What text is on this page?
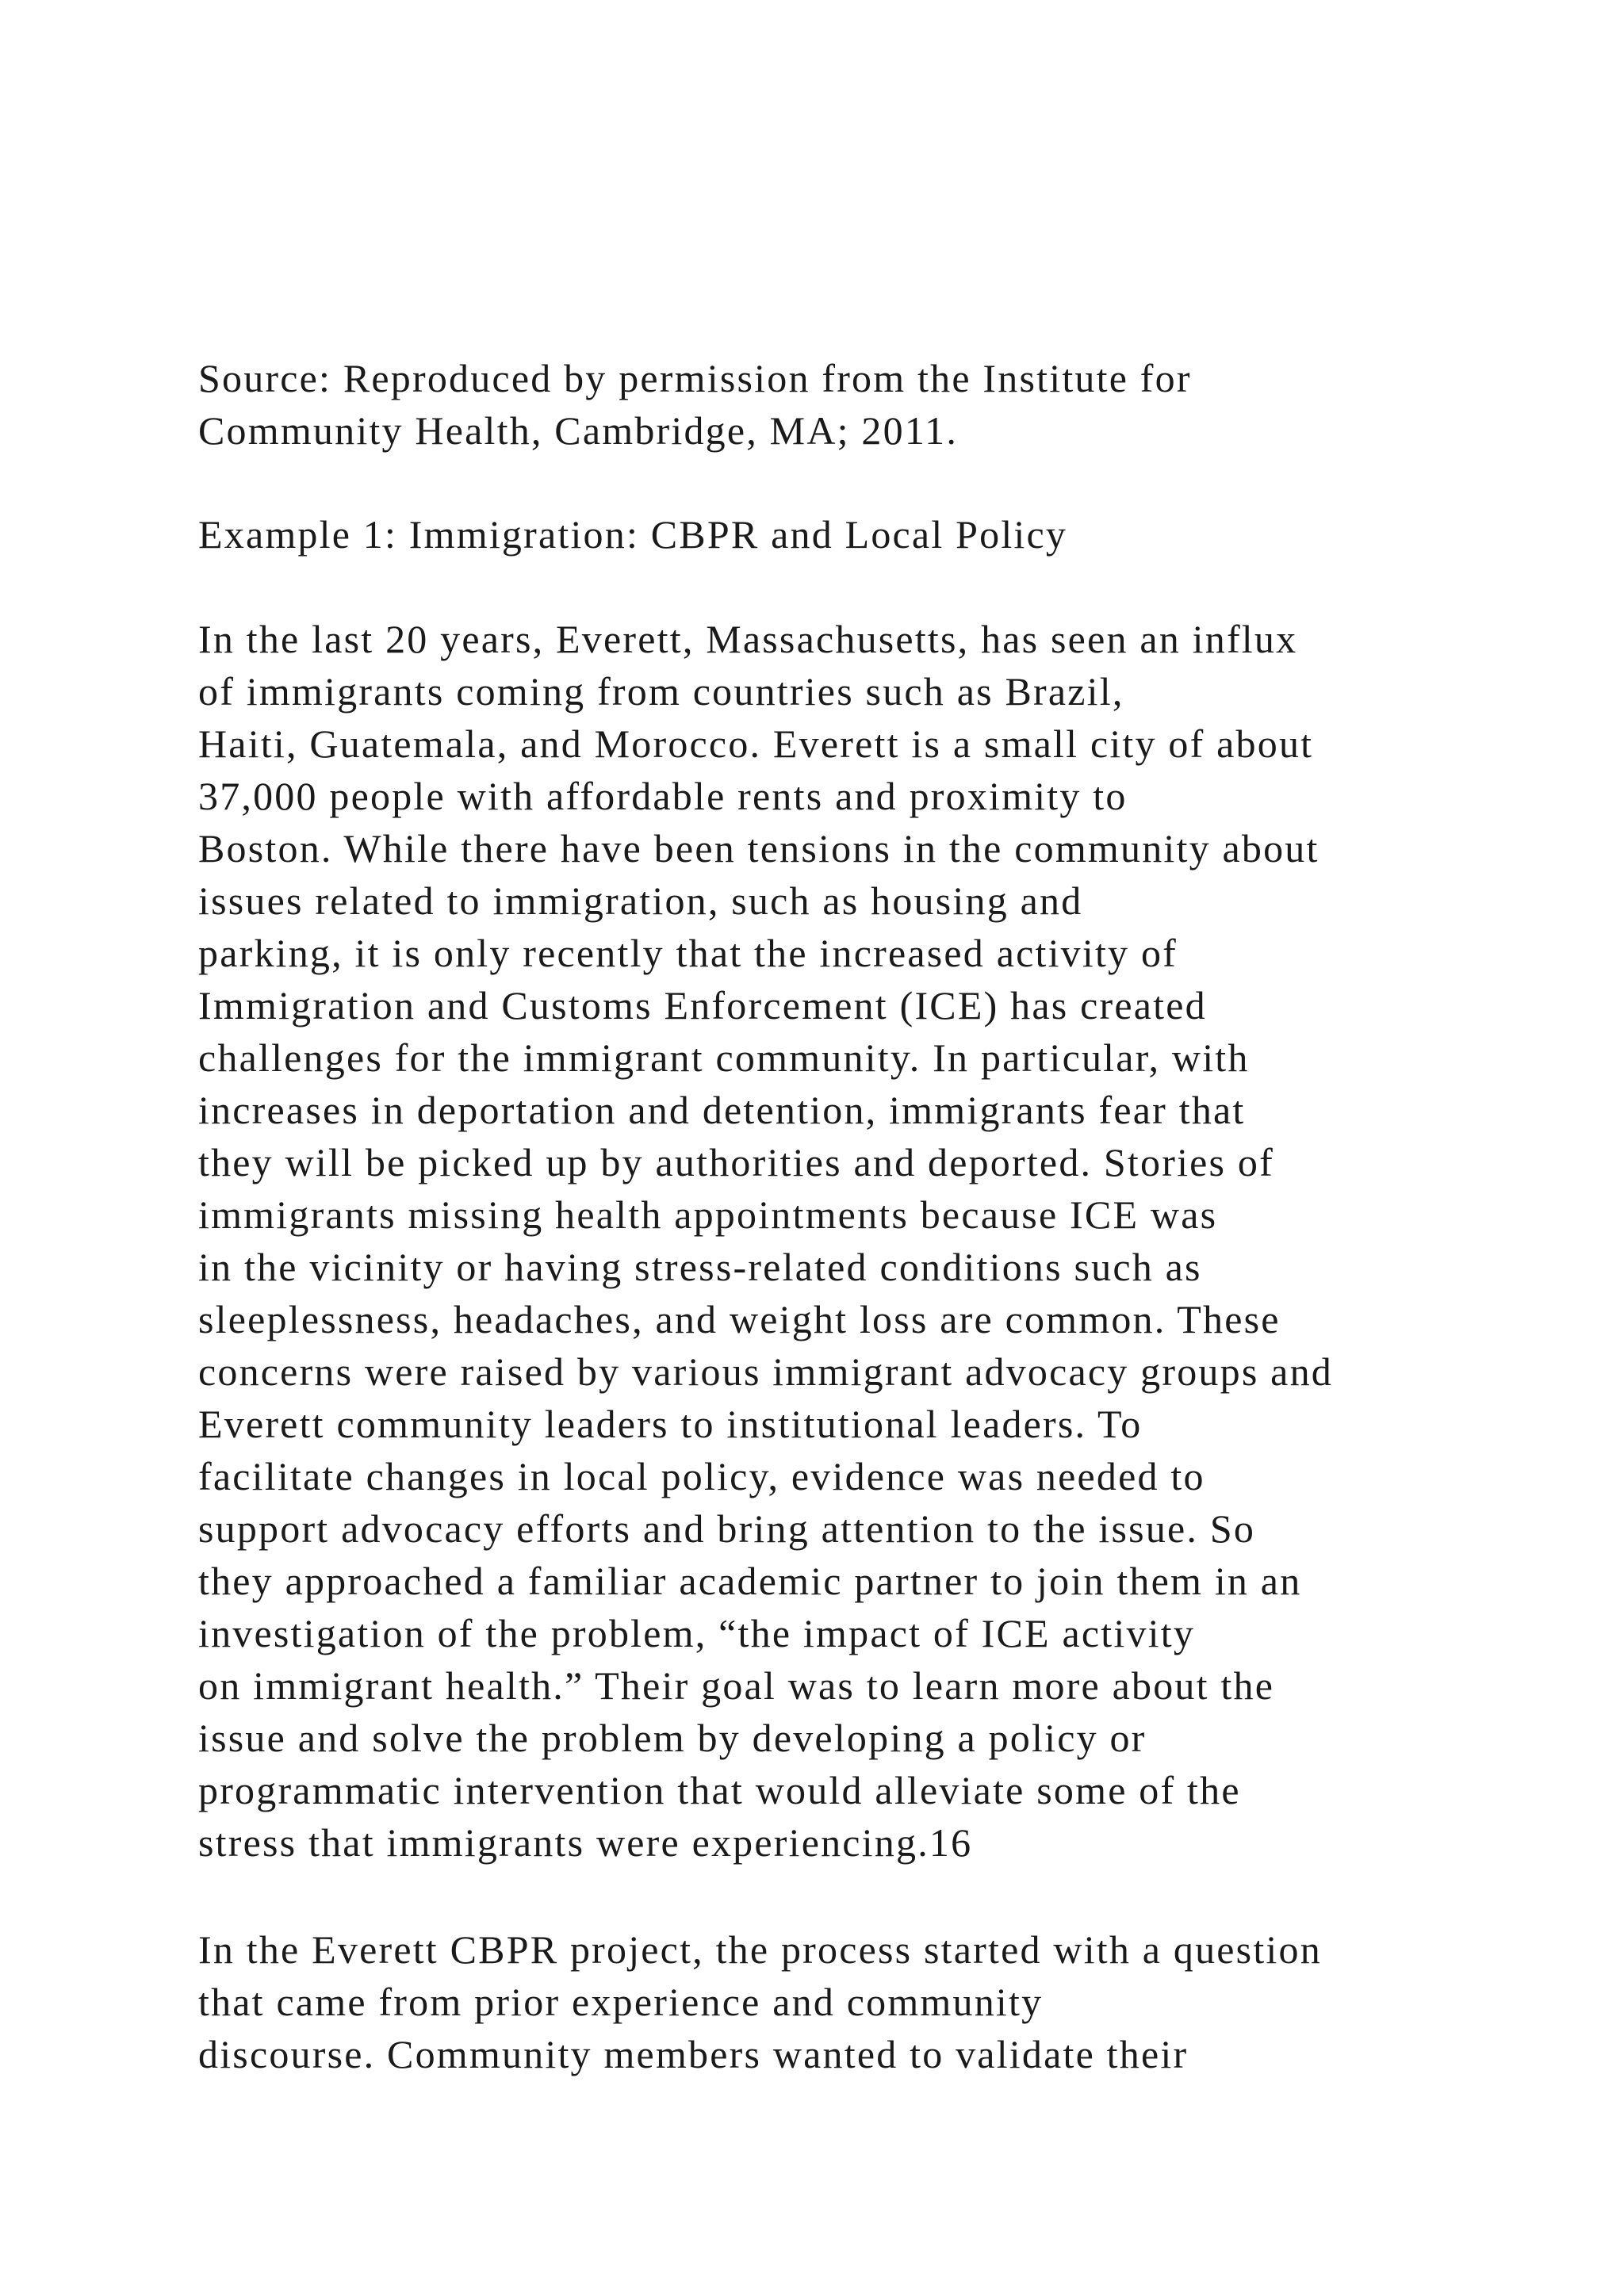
Source: Reproduced by permission from the Institute for
Community Health, Cambridge, MA; 2011.
Example 1: Immigration: CBPR and Local Policy
In the last 20 years, Everett, Massachusetts, has seen an influx
of immigrants coming from countries such as Brazil,
Haiti, Guatemala, and Morocco. Everett is a small city of about
37,000 people with affordable rents and proximity to
Boston. While there have been tensions in the community about
issues related to immigration, such as housing and
parking, it is only recently that the increased activity of
Immigration and Customs Enforcement (ICE) has created
challenges for the immigrant community. In particular, with
increases in deportation and detention, immigrants fear that
they will be picked up by authorities and deported. Stories of
immigrants missing health appointments because ICE was
in the vicinity or having stress-related conditions such as
sleeplessness, headaches, and weight loss are common. These
concerns were raised by various immigrant advocacy groups and
Everett community leaders to institutional leaders. To
facilitate changes in local policy, evidence was needed to
support advocacy efforts and bring attention to the issue. So
they approached a familiar academic partner to join them in an
investigation of the problem, “the impact of ICE activity
on immigrant health.” Their goal was to learn more about the
issue and solve the problem by developing a policy or
programmatic intervention that would alleviate some of the
stress that immigrants were experiencing.16
In the Everett CBPR project, the process started with a question
that came from prior experience and community
discourse. Community members wanted to validate their
